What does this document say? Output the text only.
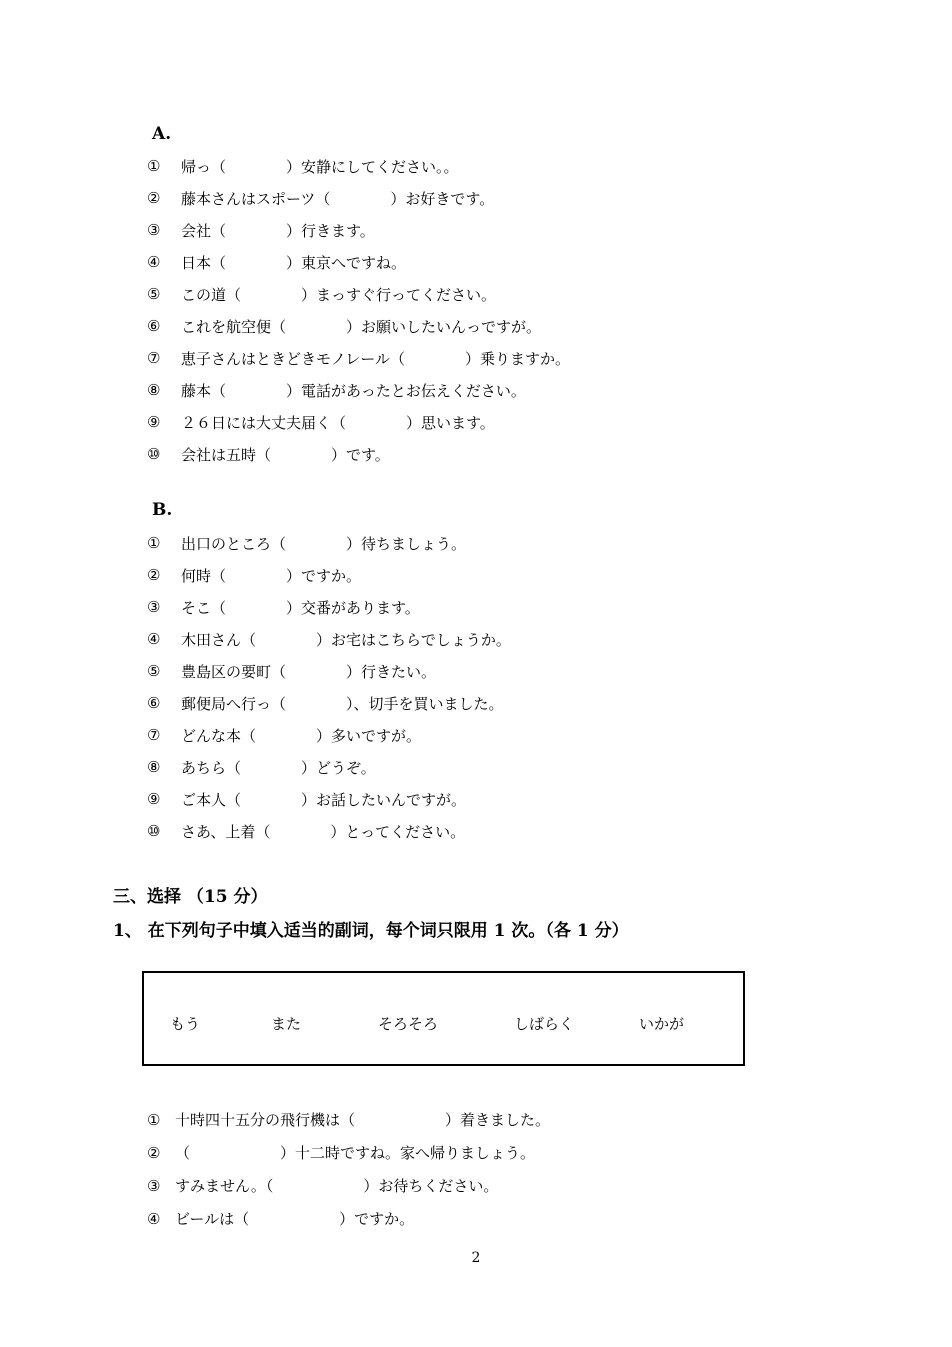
A.
①	帰っ（　　　　）安静にしてください。。
②	藤本さんはスポーツ（　　　　）お好きです。
③	会社（　　　　）行きます。
④	日本（　　　　）東京へですね。
⑤	この道（　　　　）まっすぐ行ってください。
⑥	これを航空便（　　　　）お願いしたいんっですが。
⑦	恵子さんはときどきモノレール（　　　　）乗りますか。
⑧	藤本（　　　　）電話があったとお伝えください。
⑨	２６日には大丈夫届く（　　　　）思います。
⑩	会社は五時（　　　　）です。
B.
①	出口のところ（　　　　）待ちましょう。
②	何時（　　　　）ですか。
③	そこ（　　　　）交番があります。
④	木田さん（　　　　）お宅はこちらでしょうか。
⑤	豊島区の要町（　　　　）行きたい。
⑥	郵便局へ行っ（　　　　）、切手を買いました。
⑦	どんな本（　　　　）多いですが。
⑧	あちら（　　　　）どうぞ。
⑨	ご本人（　　　　）お話したいんですが。
⑩	さあ、上着（　　　　）とってください。
三、选择 （15 分）
1、 在下列句子中填入适当的副词，每个词只限用 1 次。（各 1 分）
もう	また	そろそろ	しばらく	いかが
① 十時四十五分の飛行機は（　　　　　　）着きました。
② （　　　　　　）十二時ですね。家へ帰りましょう。
③ すみません。（　　　　　　）お待ちください。
④ ビールは（　　　　　　）ですか。
2
